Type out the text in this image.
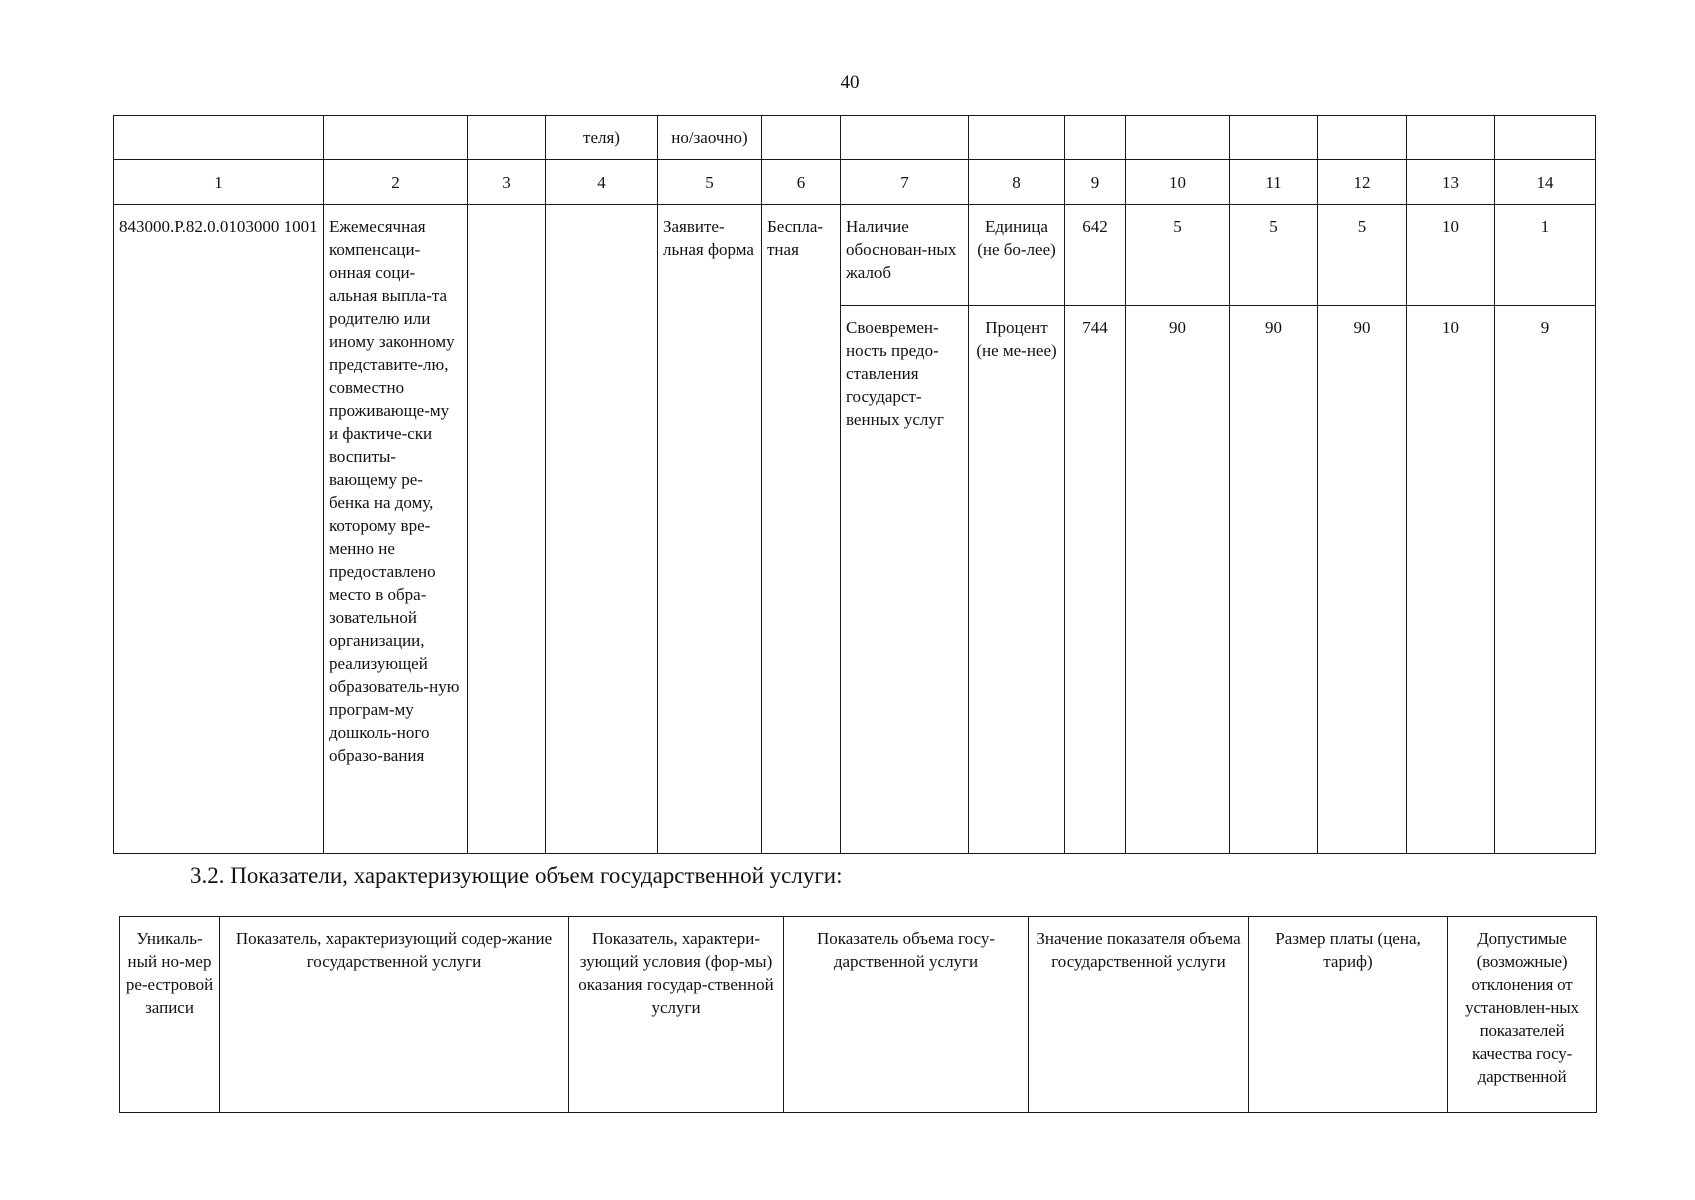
40

			теля)	но/заочно)									

1	2	3	4	5	6	7	8	9	10	11	12	13	14
843000.Р.82.0.0103000 1001	Ежемесячная компенсаци-онная соци-альная выпла-та родителю или иному законному представите-лю, совместно проживающе-му и фактиче-ски воспиты-вающему ре-бенка на дому, которому вре-менно не предоставлено место в обра-зовательной организации, реализующей образователь-ную програм-му дошколь-ного образо-вания			Заявите-льная форма	Бесплa-тная	Наличие обоснован-ных жалоб	Единица (не бо-лее)	642	5	5	5	10	1
						Своевремен-ность предо-ставления государст-венных услуг	Процент (не ме-нее)	744	90	90	90	10	9
3.2. Показатели, характеризующие объем государственной услуги:
Уникаль-ный но-мер ре-естровой записи	Показатель, характеризующий содер-жание государственной услуги	Показатель, характери-зующий условия (фор-мы) оказания государ-ственной услуги	Показатель объема госу-дарственной услуги	Значение показателя объема государственной услуги	Размер платы (цена, тариф)	Допустимые (возможные) отклонения от установлен-ных показателей качества госу-дарственной
